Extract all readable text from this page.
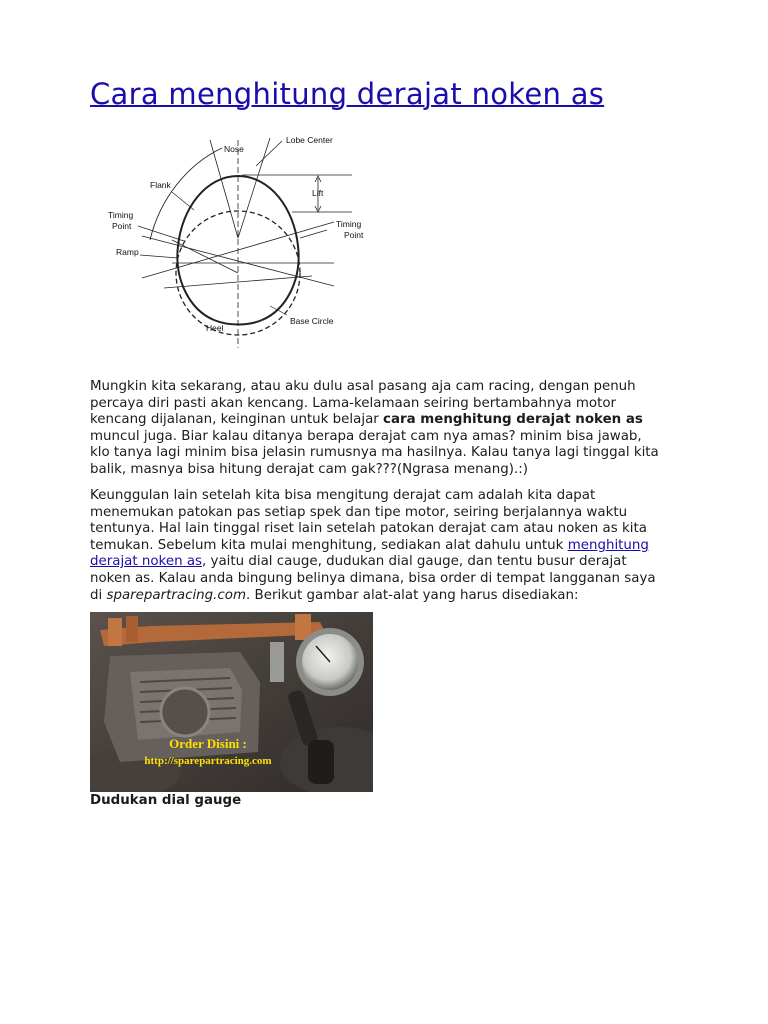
Cara menghitung derajat noken as
Nose
Lobe Center
Flank
Lift
Timing
Point	Timing
Point
Ramp
Heel
Base Circle

Mungkin kita sekarang, atau aku dulu asal pasang aja cam racing, dengan penuh
percaya diri pasti akan kencang. Lama-kelamaan seiring bertambahnya motor
kencang dijalanan, keinginan untuk belajar cara menghitung derajat noken as
muncul juga. Biar kalau ditanya berapa derajat cam nya amas? minim bisa jawab,
klo tanya lagi minim bisa jelasin rumusnya ma hasilnya. Kalau tanya lagi tinggal kita
balik, masnya bisa hitung derajat cam gak???(Ngrasa menang).:)

Keunggulan lain setelah kita bisa mengitung derajat cam adalah kita dapat
menemukan patokan pas setiap spek dan tipe motor, seiring berjalannya waktu
tentunya. Hal lain tinggal riset lain setelah patokan derajat cam atau noken as kita
temukan. Sebelum kita mulai menghitung, sediakan alat dahulu untuk menghitung
derajat noken as, yaitu dial cauge, dudukan dial gauge, dan tentu busur derajat
noken as. Kalau anda bingung belinya dimana, bisa order di tempat langganan saya
di sparepartracing.com. Berikut gambar alat-alat yang harus disediakan:

Order Disini :
http://sparepartracing.com

Dudukan dial gauge
